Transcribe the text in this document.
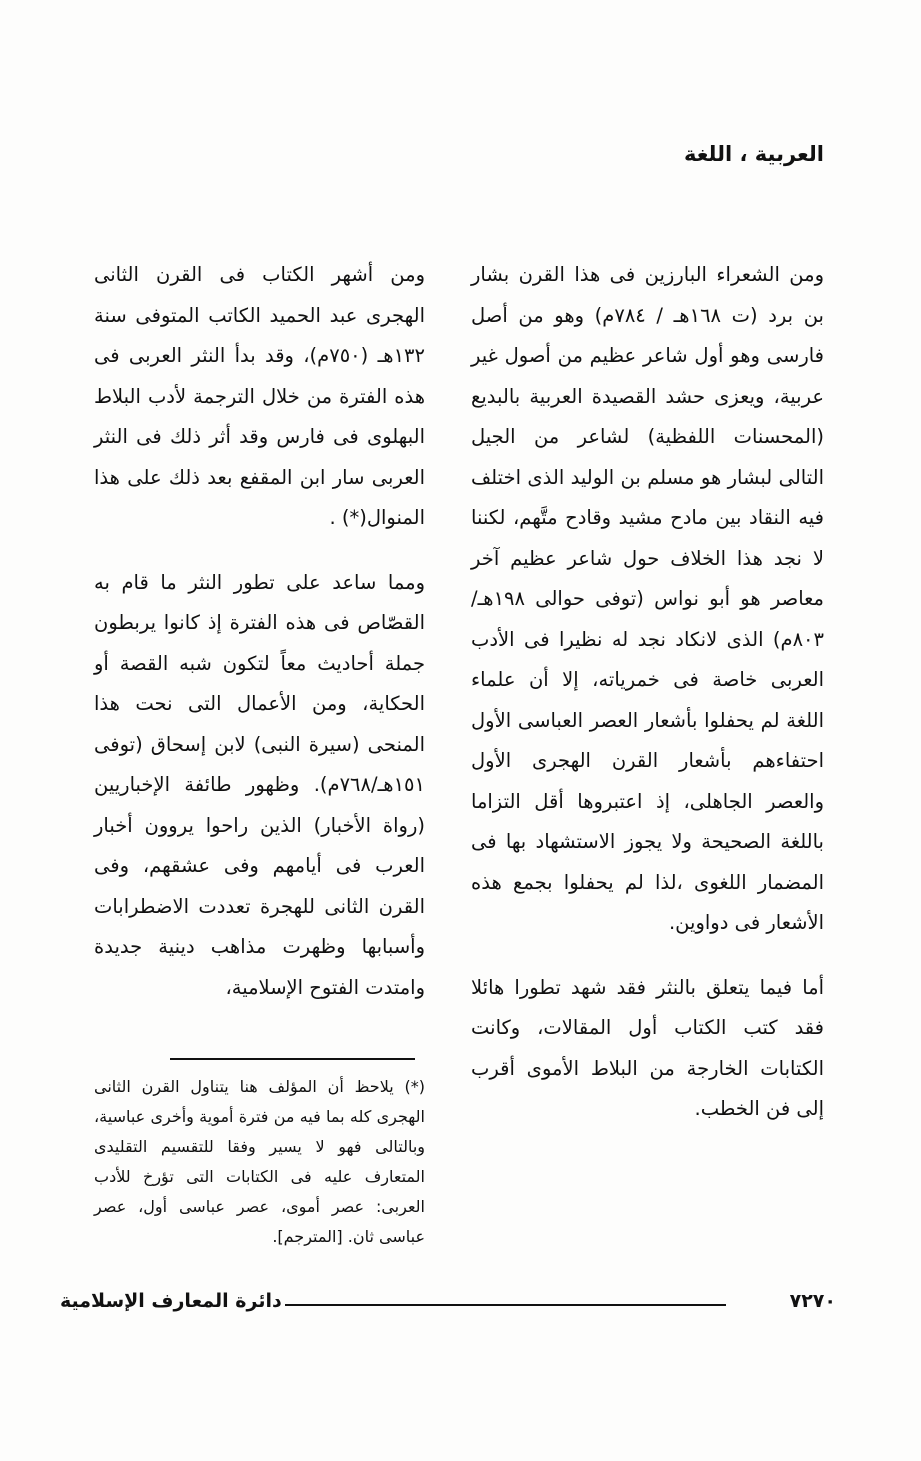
العربية ، اللغة

ومن الشعراء البارزين فى هذا القرن بشار بن برد (ت ١٦٨هـ / ٧٨٤م) وهو من أصل فارسى وهو أول شاعر عظيم من أصول غير عربية، ويعزى حشد القصيدة العربية بالبديع (المحسنات اللفظية) لشاعر من الجيل التالى لبشار هو مسلم بن الوليد الذى اختلف فيه النقاد بين مادح مشيد وقادح متَّهم، لكننا لا نجد هذا الخلاف حول شاعر عظيم آخر معاصر هو أبو نواس (توفى حوالى ١٩٨هـ/ ٨٠٣م) الذى لانكاد نجد له نظيرا فى الأدب العربى خاصة فى خمرياته، إلا أن علماء اللغة لم يحفلوا بأشعار العصر العباسى الأول احتفاءهم بأشعار القرن الهجرى الأول والعصر الجاهلى، إذ اعتبروها أقل التزاما باللغة الصحيحة ولا يجوز الاستشهاد بها فى المضمار اللغوى ،لذا لم يحفلوا بجمع هذه الأشعار فى دواوين.

أما فيما يتعلق بالنثر فقد شهد تطورا هائلا فقد كتب الكتاب أول المقالات، وكانت الكتابات الخارجة من البلاط الأموى أقرب إلى فن الخطب.

ومن أشهر الكتاب فى القرن الثانى الهجرى عبد الحميد الكاتب المتوفى سنة ١٣٢هـ (٧٥٠م)، وقد بدأ النثر العربى فى هذه الفترة من خلال الترجمة لأدب البلاط البهلوى فى فارس وقد أثر ذلك فى النثر العربى سار ابن المقفع بعد ذلك على هذا المنوال(*) .

ومما ساعد على تطور النثر ما قام به القصّاص فى هذه الفترة إذ كانوا يربطون جملة أحاديث معاً لتكون شبه القصة أو الحكاية، ومن الأعمال التى نحت هذا المنحى (سيرة النبى) لابن إسحاق (توفى ١٥١هـ/٧٦٨م). وظهور طائفة الإخباريين (رواة الأخبار) الذين راحوا يروون أخبار العرب فى أيامهم وفى عشقهم، وفى القرن الثانى للهجرة تعددت الاضطرابات وأسبابها وظهرت مذاهب دينية جديدة وامتدت الفتوح الإسلامية،

(*) يلاحظ أن المؤلف هنا يتناول القرن الثانى الهجرى كله بما فيه من فترة أموية وأخرى عباسية، وبالتالى فهو لا يسير وفقا للتقسيم التقليدى المتعارف عليه فى الكتابات التى تؤرخ للأدب العربى: عصر أموى، عصر عباسى أول، عصر عباسى ثان. [المترجم].

٧٢٧٠
دائرة المعارف الإسلامية
